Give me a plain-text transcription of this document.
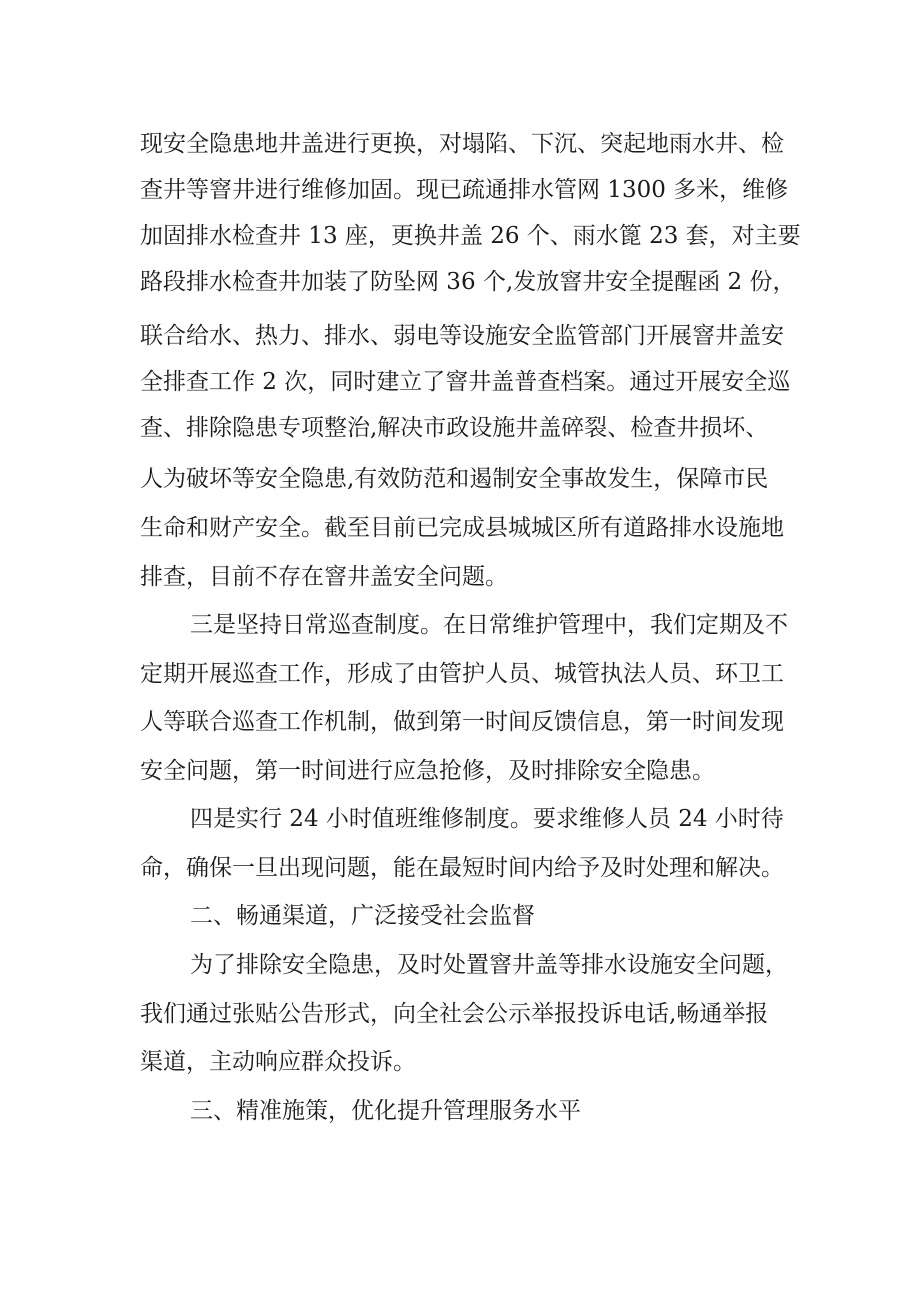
现安全隐患地井盖进行更换，对塌陷、下沉、突起地雨水井、检
查井等窨井进行维修加固。现已疏通排水管网 1300 多米，维修
加固排水检查井 13 座，更换井盖 26 个、雨水篦 23 套，对主要
路段排水检查井加装了防坠网 36 个,发放窨井安全提醒函 2 份，
联合给水、热力、排水、弱电等设施安全监管部门开展窨井盖安
全排查工作 2 次，同时建立了窨井盖普查档案。通过开展安全巡
查、排除隐患专项整治,解决市政设施井盖碎裂、检查井损坏、
人为破坏等安全隐患,有效防范和遏制安全事故发生，保障市民
生命和财产安全。截至目前已完成县城城区所有道路排水设施地
排查，目前不存在窨井盖安全问题。
三是坚持日常巡查制度。在日常维护管理中，我们定期及不
定期开展巡查工作，形成了由管护人员、城管执法人员、环卫工
人等联合巡查工作机制，做到第一时间反馈信息，第一时间发现
安全问题，第一时间进行应急抢修，及时排除安全隐患。
四是实行 24 小时值班维修制度。要求维修人员 24 小时待
命，确保一旦出现问题，能在最短时间内给予及时处理和解决。
二、畅通渠道，广泛接受社会监督
为了排除安全隐患，及时处置窨井盖等排水设施安全问题，
我们通过张贴公告形式，向全社会公示举报投诉电话,畅通举报
渠道，主动响应群众投诉。
三、精准施策，优化提升管理服务水平
